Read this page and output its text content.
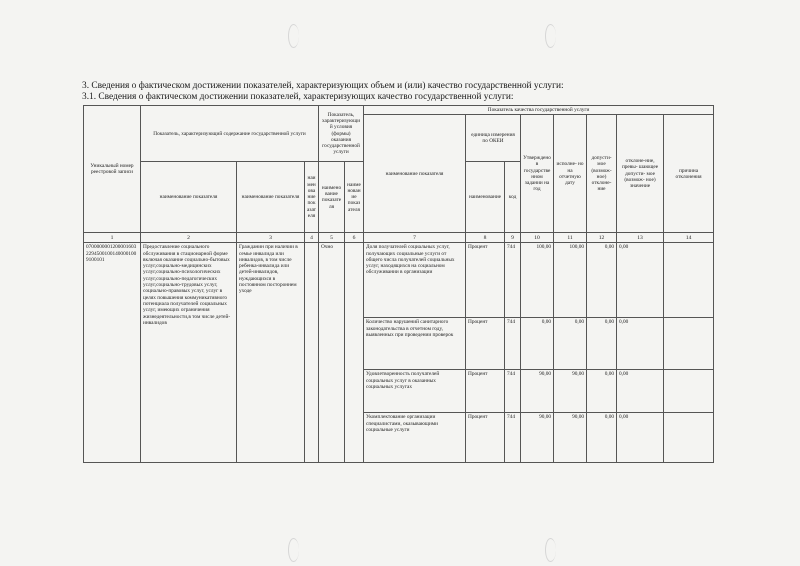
3. Сведения о фактическом достижении показателей, характеризующих объем и (или) качество государственной услуги:
3.1. Сведения о фактическом достижении показателей, характеризующих качество государственной услуги:
Уникальный номер реестровой записи	Показатель, характеризующий содержание государственной услуги			Показатель, характеризующий условия (формы) оказания государственной услуги		Показатель качества государственной услуги							
						наименование показателя	единица измерения по ОКЕИ		Утверждено в государственном задании на год	исполне- но на отчетную дату	допусти- мое (возмож- ное) отклоне- ние	отклоне-ние, превы- шающее допусти- мое (возмож- ное) значение	причина отклонения
	наименование показателя	наименование показателя	наименование показателя	наименование показателя	наименование показателя		наименование	код					
1	2	3	4	5	6	7	8	9	10	11	12	13	14
070000000120000160322945001001400001009100101	Предоставление социального обслуживания в стационарной форме включая оказание социально-бытовых услуг,социально-медицинских услуг,социально-психологических услуг,социально-педагогических услуг,социально-трудовых услуг, социально-правовых услуг, услуг в целях повышения коммуникативного потенциала получателей социальных услуг, имеющих ограничения жизнедеятельности,в том числе детей-инвалидов	Гражданин при наличии в семье инвалида или инвалидов, в том числе ребенка-инвалида или детей-инвалидов, нуждающихся в постоянном постороннем уходе		Очно		Доля получателей социальных услуг, получающих социальные услуги от общего числа получателей социальных услуг, находящихся на социальном обслуживании в организации	Процент	744	100,00	100,00	0,00	0,00	
						Количество нарушений санитарного законодательства в отчетном году, выявленных при проведении проверок	Процент	744	0,00	0,00	0,00	0,00	
						Удовлетворенность получателей социальных услуг в оказанных социальных услугах	Процент	744	90,00	90,00	0,00	0,00	
						Укомплектование организации специалистами, оказывающими социальные услуги	Процент	744	90,00	90,00	0,00	0,00	
